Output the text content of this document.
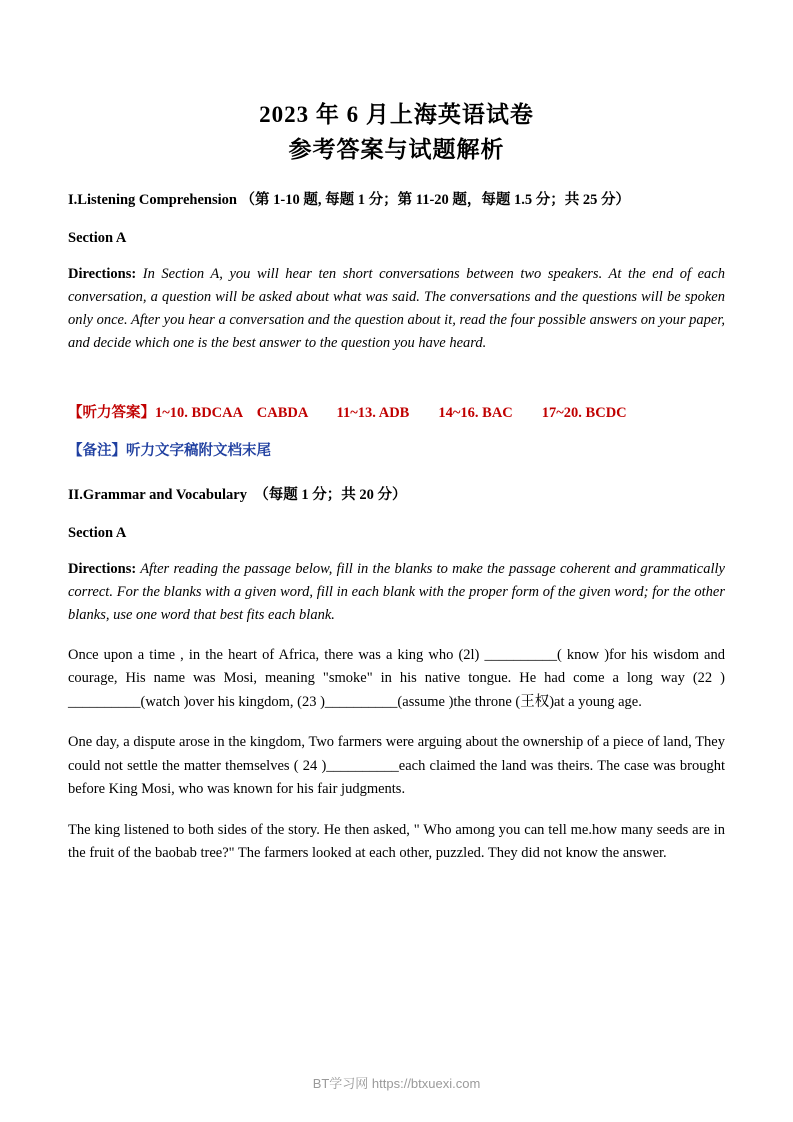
2023 年 6 月上海英语试卷
参考答案与试题解析
I.Listening Comprehension （第 1-10 题, 每题 1 分；第 11-20 题，每题 1.5 分；共 25 分）
Section A
Directions: In Section A, you will hear ten short conversations between two speakers. At the end of each conversation, a question will be asked about what was said. The conversations and the questions will be spoken only once. After you hear a conversation and the question about it, read the four possible answers on your paper, and decide which one is the best answer to the question you have heard.
【听力答案】1~10. BDCAA　CABDA　　11~13. ADB　　14~16. BAC　　17~20. BCDC
【备注】听力文字稿附文档末尾
II.Grammar and Vocabulary　（每题 1 分；共 20 分）
Section A
Directions: After reading the passage below, fill in the blanks to make the passage coherent and grammatically correct. For the blanks with a given word, fill in each blank with the proper form of the given word; for the other blanks, use one word that best fits each blank.
Once upon a time , in the heart of Africa, there was a king who (2l) __________( know )for his wisdom and courage, His name was Mosi, meaning "smoke" in his native tongue. He had come a long way (22 ) __________(watch )over his kingdom, (23 )__________(assume )the throne (王权)at a young age.
One day, a dispute arose in the kingdom, Two farmers were arguing about the ownership of a piece of land, They could not settle the matter themselves ( 24 )__________each claimed the land was theirs. The case was brought before King Mosi, who was known for his fair judgments.
The king listened to both sides of the story. He then asked, " Who among you can tell me.how many seeds are in the fruit of the baobab tree?" The farmers looked at each other, puzzled. They did not know the answer.
BT学习网 https://btxuexi.com
